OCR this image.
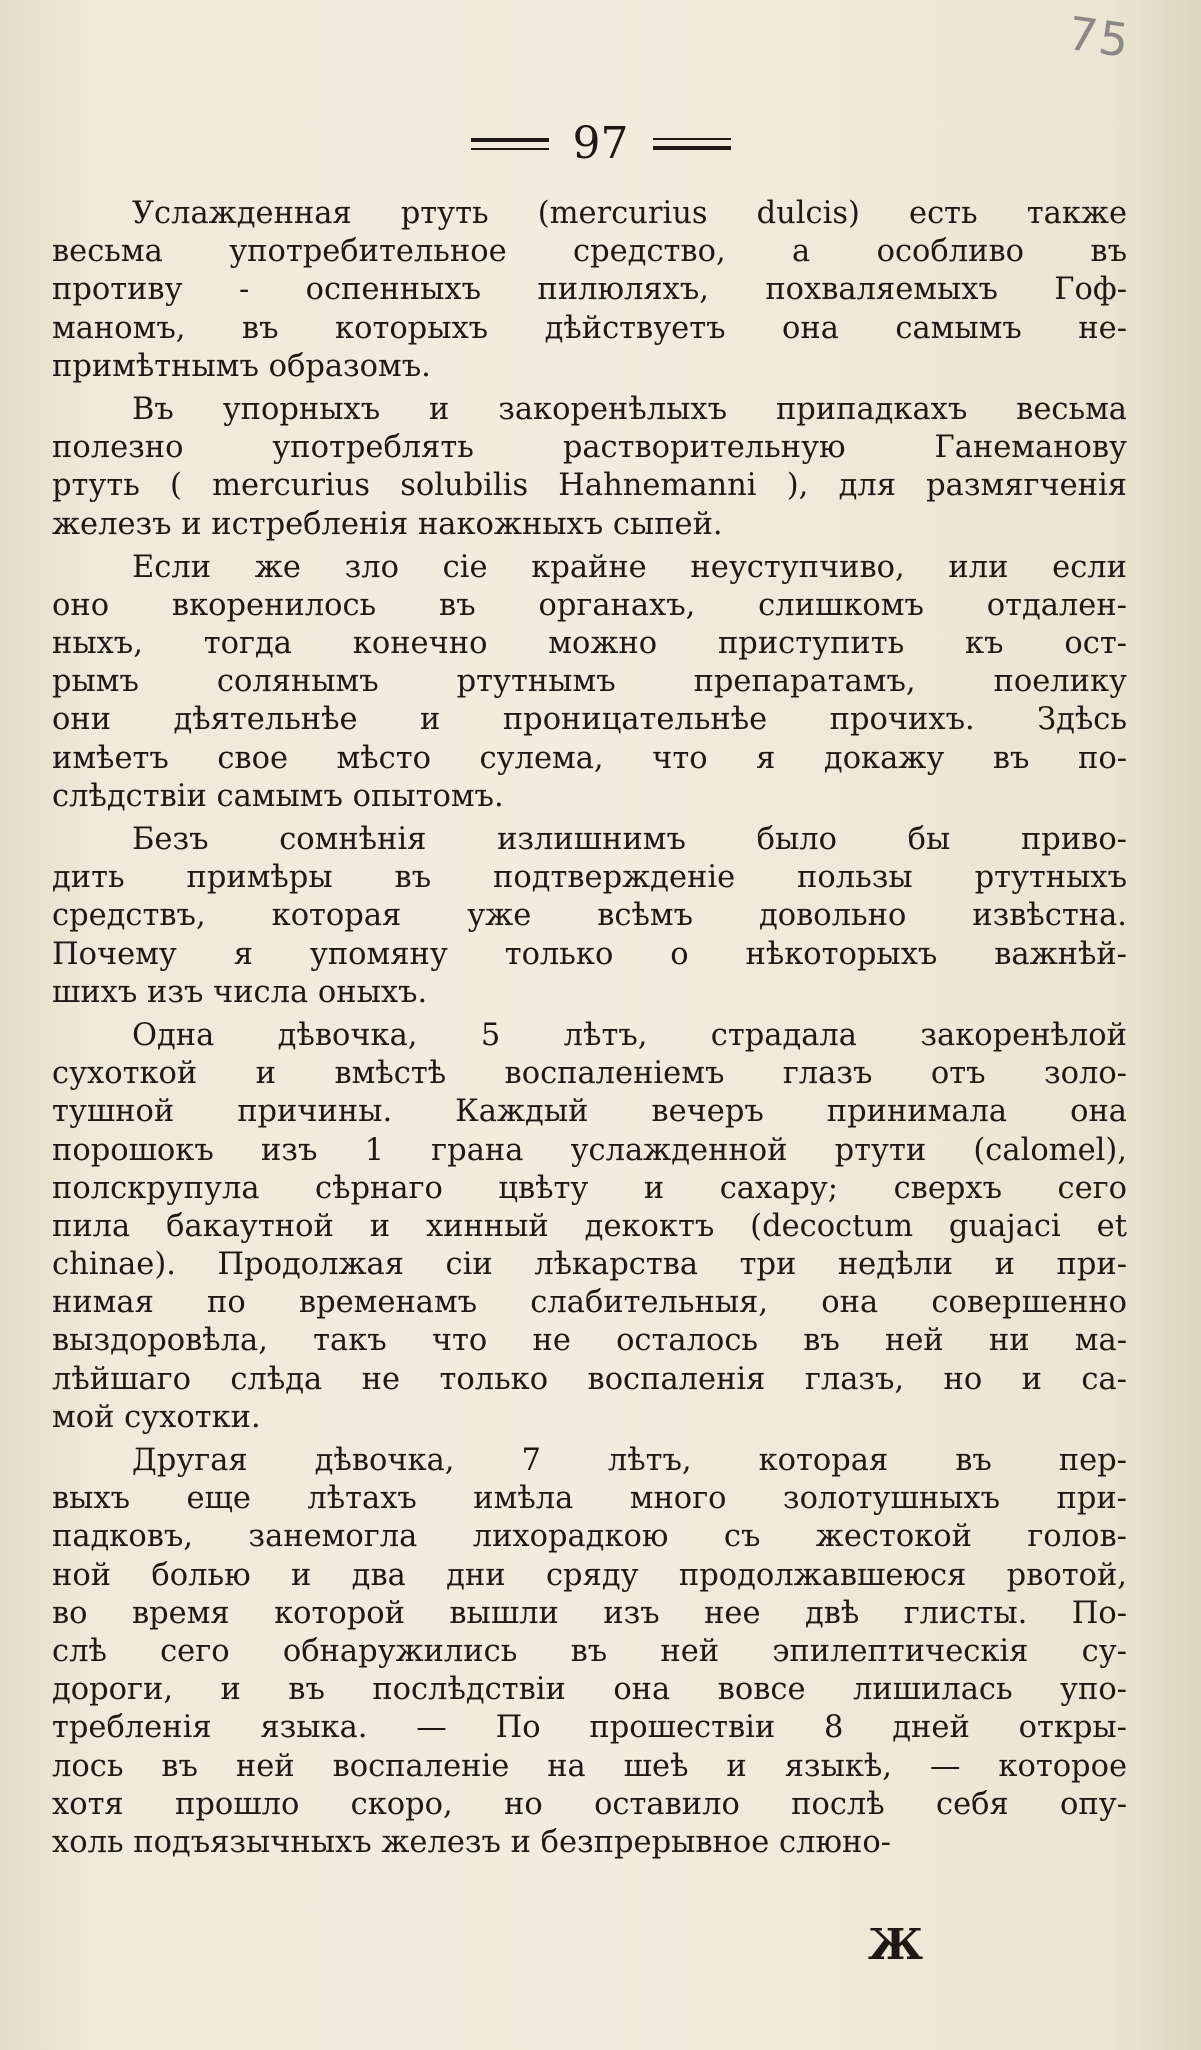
75
97
Услажденная ртуть (mercurius dulcis) есть также
весьма употребительное средство, а особливо въ
противу - оспенныхъ пилюляхъ, похваляемыхъ Гоф-
маномъ, въ которыхъ дѣйствуетъ она самымъ не-
примѣтнымъ образомъ.
Въ упорныхъ и закоренѣлыхъ припадкахъ весьма
полезно употреблять растворительную Ганеманову
ртуть ( mercurius solubilis Hahnemanni ), для размягченія
железъ и истребленія накожныхъ сыпей.
Если же зло сіе крайне неуступчиво, или если
оно вкоренилось въ органахъ, слишкомъ отдален-
ныхъ, тогда конечно можно приступить къ ост-
рымъ солянымъ ртутнымъ препаратамъ, поелику
они дѣятельнѣе и проницательнѣе прочихъ. Здѣсь
имѣетъ свое мѣсто сулема, что я докажу въ по-
слѣдствіи самымъ опытомъ.
Безъ сомнѣнія излишнимъ было бы приво-
дить примѣры въ подтвержденіе пользы ртутныхъ
средствъ, которая уже всѣмъ довольно извѣстна.
Почему я упомяну только о нѣкоторыхъ важнѣй-
шихъ изъ числа оныхъ.
Одна дѣвочка, 5 лѣтъ, страдала закоренѣлой
сухоткой и вмѣстѣ воспаленіемъ глазъ отъ золо-
тушной причины. Каждый вечеръ принимала она
порошокъ изъ 1 грана услажденной ртути (calomel),
полскрупула сѣрнаго цвѣту и сахару; сверхъ сего
пила бакаутной и хинный декоктъ (decoctum guajaci et
chinae). Продолжая сіи лѣкарства три недѣли и при-
нимая по временамъ слабительныя, она совершенно
выздоровѣла, такъ что не осталось въ ней ни ма-
лѣйшаго слѣда не только воспаленія глазъ, но и са-
мой сухотки.
Другая дѣвочка, 7 лѣтъ, которая въ пер-
выхъ еще лѣтахъ имѣла много золотушныхъ при-
падковъ, занемогла лихорадкою съ жестокой голов-
ной болью и два дни сряду продолжавшеюся рвотой,
во время которой вышли изъ нее двѣ глисты. По-
слѣ сего обнаружились въ ней эпилептическія су-
дороги, и въ послѣдствіи она вовсе лишилась упо-
требленія языка. — По прошествіи 8 дней откры-
лось въ ней воспаленіе на шеѣ и языкѣ, — которое
хотя прошло скоро, но оставило послѣ себя опу-
холь подъязычныхъ железъ и безпрерывное слюно-
Ж
